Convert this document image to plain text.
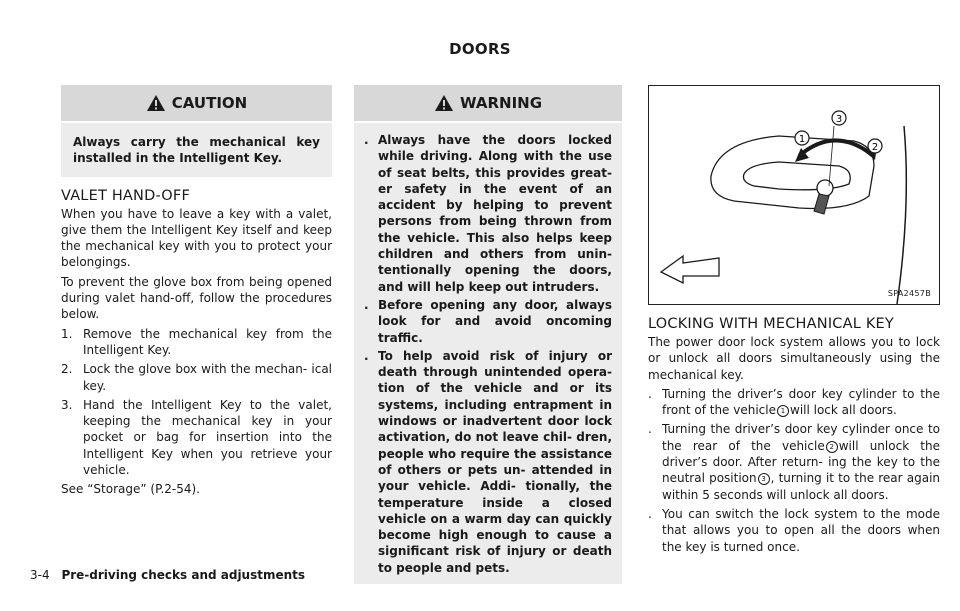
DOORS
CAUTION
Always carry the mechanical key installed in the Intelligent Key.
VALET HAND-OFF

When you have to leave a key with a valet, give them the Intelligent Key itself and keep the mechanical key with you to protect your belongings.

To prevent the glove box from being opened during valet hand-off, follow the procedures below.

1. Remove the mechanical key from the Intelligent Key.
2. Lock the glove box with the mechan- ical key.
3. Hand the Intelligent Key to the valet, keeping the mechanical key in your pocket or bag for insertion into the Intelligent Key when you retrieve your vehicle.

See “Storage” (P.2-54).

WARNING
. Always have the doors locked while driving. Along with the use of seat belts, this provides great- er safety in the event of an accident by helping to prevent persons from being thrown from the vehicle. This also helps keep children and others from unin- tentionally opening the doors, and will help keep out intruders.
. Before opening any door, always look for and avoid oncoming traffic.
. To help avoid risk of injury or death through unintended opera- tion of the vehicle and or its systems, including entrapment in windows or inadvertent door lock activation, do not leave chil- dren, people who require the assistance of others or pets un- attended in your vehicle. Addi- tionally, the temperature inside a closed vehicle on a warm day can quickly become high enough to cause a significant risk of injury or death to people and pets.
1
3
2
SPA2457B
LOCKING WITH MECHANICAL KEY

The power door lock system allows you to lock or unlock all doors simultaneously using the mechanical key.

. Turning the driver’s door key cylinder to the front of the vehicle 1 will lock all doors.
. Turning the driver’s door key cylinder once to the rear of the vehicle 2 will unlock the driver’s door. After return- ing the key to the neutral position 3 , turning it to the rear again within 5 seconds will unlock all doors.
. You can switch the lock system to the mode that allows you to open all the doors when the key is turned once.
3-4 Pre-driving checks and adjustments
